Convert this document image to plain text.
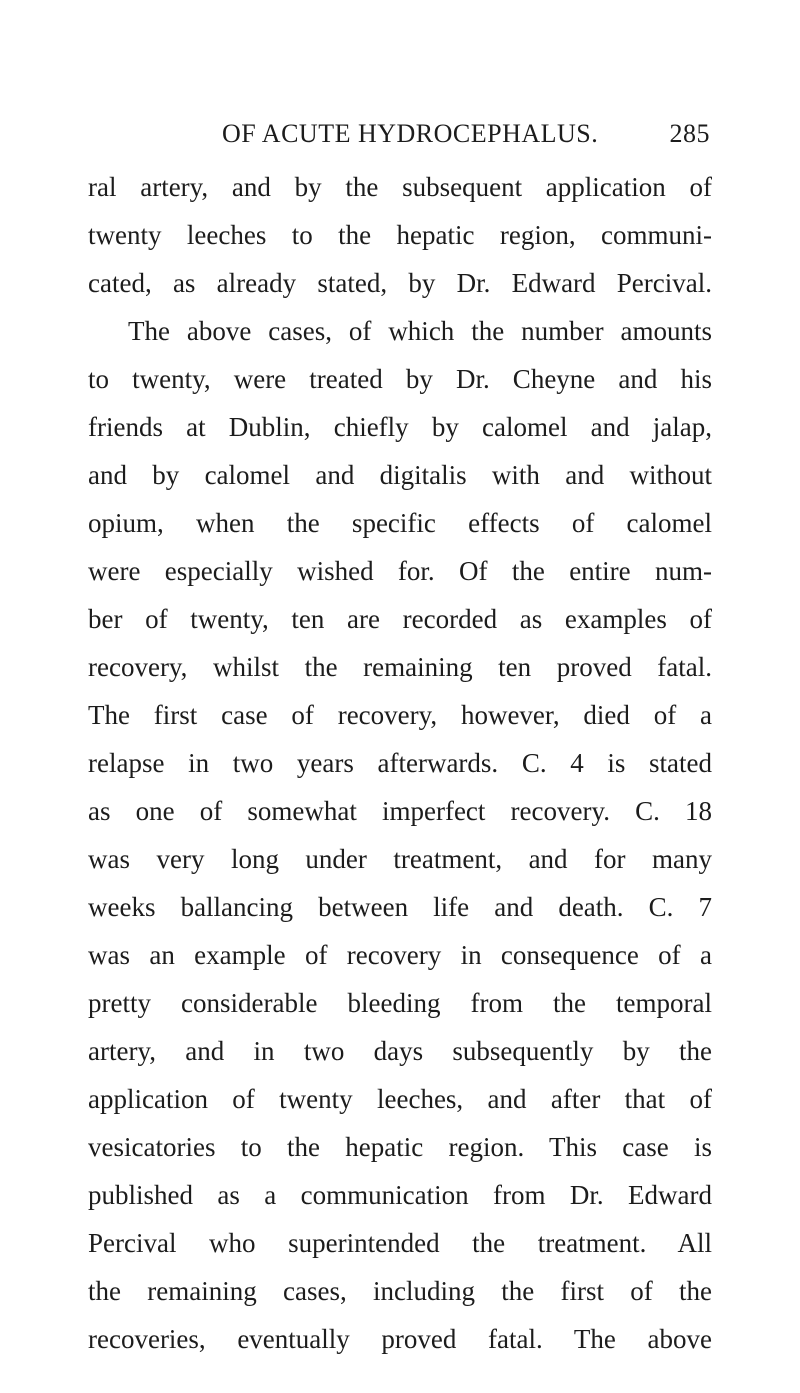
OF ACUTE HYDROCEPHALUS.	285
ral artery, and by the subsequent application of
twenty leeches to the hepatic region, communi-
cated, as already stated, by Dr. Edward Percival.
The above cases, of which the number amounts
to twenty, were treated by Dr. Cheyne and his
friends at Dublin, chiefly by calomel and jalap,
and by calomel and digitalis with and without
opium, when the specific effects of calomel
were especially wished for. Of the entire num-
ber of twenty, ten are recorded as examples of
recovery, whilst the remaining ten proved fatal.
The first case of recovery, however, died of a
relapse in two years afterwards. C. 4 is stated
as one of somewhat imperfect recovery. C. 18
was very long under treatment, and for many
weeks ballancing between life and death. C. 7
was an example of recovery in consequence of a
pretty considerable bleeding from the temporal
artery, and in two days subsequently by the
application of twenty leeches, and after that of
vesicatories to the hepatic region. This case is
published as a communication from Dr. Edward
Percival who superintended the treatment. All
the remaining cases, including the first of the
recoveries, eventually proved fatal. The above
